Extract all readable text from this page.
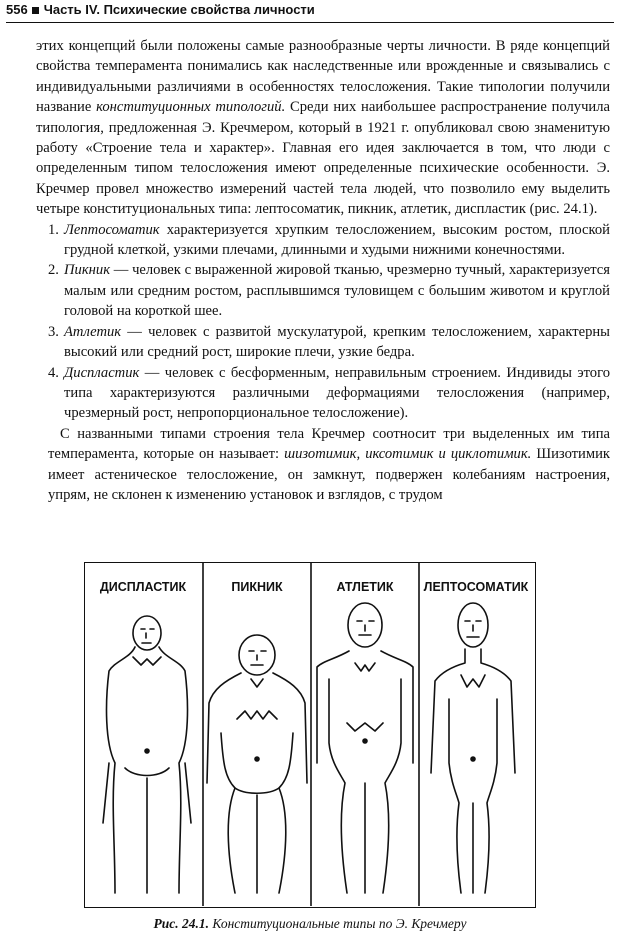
556 Часть IV. Психические свойства личности

этих концепций были положены самые разнообразные черты личности. В ряде концепций свойства темперамента понимались как наследственные или врожденные и связывались с индивидуальными различиями в особенностях телосложения. Такие типологии получили название конституционных типологий. Среди них наибольшее распространение получила типология, предложенная Э. Кречмером, который в 1921 г. опубликовал свою знаменитую работу «Строение тела и характер». Главная его идея заключается в том, что люди с определенным типом телосложения имеют определенные психические особенности. Э. Кречмер провел множество измерений частей тела людей, что позволило ему выделить четыре конституциональных типа: лептосоматик, пикник, атлетик, диспластик (рис. 24.1).

1. Лептосоматик характеризуется хрупким телосложением, высоким ростом, плоской грудной клеткой, узкими плечами, длинными и худыми нижними конечностями.
2. Пикник — человек с выраженной жировой тканью, чрезмерно тучный, характеризуется малым или средним ростом, расплывшимся туловищем с большим животом и круглой головой на короткой шее.
3. Атлетик — человек с развитой мускулатурой, крепким телосложением, характерны высокий или средний рост, широкие плечи, узкие бедра.
4. Диспластик — человек с бесформенным, неправильным строением. Индивиды этого типа характеризуются различными деформациями телосложения (например, чрезмерный рост, непропорциональное телосложение).

С названными типами строения тела Кречмер соотносит три выделенных им типа темперамента, которые он называет: шизотимик, иксотимик и циклотимик. Шизотимик имеет астеническое телосложение, он замкнут, подвержен колебаниям настроения, упрям, не склонен к изменению установок и взглядов, с трудом

ДИСПЛАСТИК	ПИКНИК	АТЛЕТИК ЛЕПТОСОМАТИК
Рис. 24.1. Конституциональные типы по Э. Кречмеру
